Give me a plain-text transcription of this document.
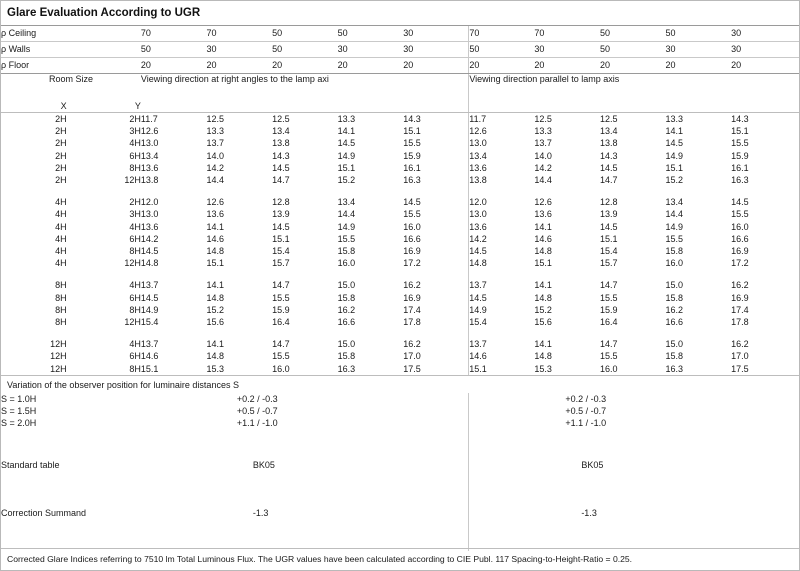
Glare Evaluation According to UGR
ρ Ceiling	70	70	50	50	30	70	70	50	50	30
ρ Walls	50	30	50	30	30	50	30	50	30	30
ρ Floor	20	20	20	20	20	20	20	20	20	20
Room Size		Viewing direction at right angles to the lamp axi	Viewing direction parallel to lamp axis
X	Y		
2H	2H	11.7	12.5	12.5	13.3	14.3	11.7	12.5	12.5	13.3	14.3
2H	3H	12.6	13.3	13.4	14.1	15.1	12.6	13.3	13.4	14.1	15.1
2H	4H	13.0	13.7	13.8	14.5	15.5	13.0	13.7	13.8	14.5	15.5
2H	6H	13.4	14.0	14.3	14.9	15.9	13.4	14.0	14.3	14.9	15.9
2H	8H	13.6	14.2	14.5	15.1	16.1	13.6	14.2	14.5	15.1	16.1
2H	12H	13.8	14.4	14.7	15.2	16.3	13.8	14.4	14.7	15.2	16.3

4H	2H	12.0	12.6	12.8	13.4	14.5	12.0	12.6	12.8	13.4	14.5
4H	3H	13.0	13.6	13.9	14.4	15.5	13.0	13.6	13.9	14.4	15.5
4H	4H	13.6	14.1	14.5	14.9	16.0	13.6	14.1	14.5	14.9	16.0
4H	6H	14.2	14.6	15.1	15.5	16.6	14.2	14.6	15.1	15.5	16.6
4H	8H	14.5	14.8	15.4	15.8	16.9	14.5	14.8	15.4	15.8	16.9
4H	12H	14.8	15.1	15.7	16.0	17.2	14.8	15.1	15.7	16.0	17.2

8H	4H	13.7	14.1	14.7	15.0	16.2	13.7	14.1	14.7	15.0	16.2
8H	6H	14.5	14.8	15.5	15.8	16.9	14.5	14.8	15.5	15.8	16.9
8H	8H	14.9	15.2	15.9	16.2	17.4	14.9	15.2	15.9	16.2	17.4
8H	12H	15.4	15.6	16.4	16.6	17.8	15.4	15.6	16.4	16.6	17.8

12H	4H	13.7	14.1	14.7	15.0	16.2	13.7	14.1	14.7	15.0	16.2
12H	6H	14.6	14.8	15.5	15.8	17.0	14.6	14.8	15.5	15.8	17.0
12H	8H	15.1	15.3	16.0	16.3	17.5	15.1	15.3	16.0	16.3	17.5
Variation of the observer position for luminaire distances S
S = 1.0H	+0.2 / -0.3	+0.2 / -0.3
S = 1.5H	+0.5 / -0.7	+0.5 / -0.7
S = 2.0H	+1.1 / -1.0	+1.1 / -1.0

Standard table	BK05	BK05

Correction Summand	-1.3	-1.3

Corrected Glare Indices referring to 7510 lm Total Luminous Flux. The UGR values have been calculated according to CIE Publ. 117 Spacing-to-Height-Ratio = 0.25.
